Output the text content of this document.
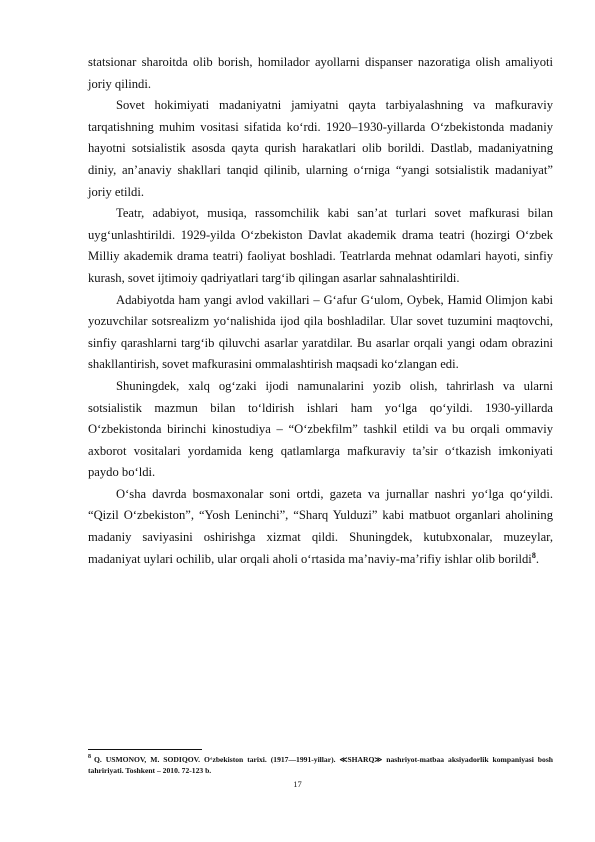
statsionar sharoitda olib borish, homilador ayollarni dispanser nazoratiga olish amaliyoti joriy qilindi.

Sovet hokimiyati madaniyatni jamiyatni qayta tarbiyalashning va mafkuraviy tarqatishning muhim vositasi sifatida ko‘rdi. 1920–1930-yillarda O‘zbekistonda madaniy hayotni sotsialistik asosda qayta qurish harakatlari olib borildi. Dastlab, madaniyatning diniy, an’anaviy shakllari tanqid qilinib, ularning o‘rniga “yangi sotsialistik madaniyat” joriy etildi.

Teatr, adabiyot, musiqa, rassomchilik kabi san’at turlari sovet mafkurasi bilan uyg‘unlashtirildi. 1929-yilda O‘zbekiston Davlat akademik drama teatri (hozirgi O‘zbek Milliy akademik drama teatri) faoliyat boshladi. Teatrlarda mehnat odamlari hayoti, sinfiy kurash, sovet ijtimoiy qadriyatlari targ‘ib qilingan asarlar sahnalashtirildi.

Adabiyotda ham yangi avlod vakillari – G‘afur G‘ulom, Oybek, Hamid Olimjon kabi yozuvchilar sotsrealizm yo‘nalishida ijod qila boshladilar. Ular sovet tuzumini maqtovchi, sinfiy qarashlarni targ‘ib qiluvchi asarlar yaratdilar. Bu asarlar orqali yangi odam obrazini shakllantirish, sovet mafkurasini ommalashtirish maqsadi ko‘zlangan edi.

Shuningdek, xalq og‘zaki ijodi namunalarini yozib olish, tahrirlash va ularni sotsialistik mazmun bilan to‘ldirish ishlari ham yo‘lga qo‘yildi. 1930-yillarda O‘zbekistonda birinchi kinostudiya – “O‘zbekfilm” tashkil etildi va bu orqali ommaviy axborot vositalari yordamida keng qatlamlarga mafkuraviy ta’sir o‘tkazish imkoniyati paydo bo‘ldi.

O‘sha davrda bosmaxonalar soni ortdi, gazeta va jurnallar nashri yo‘lga qo‘yildi. “Qizil O‘zbekiston”, “Yosh Leninchi”, “Sharq Yulduzi” kabi matbuot organlari aholining madaniy saviyasini oshirishga xizmat qildi. Shuningdek, kutubxonalar, muzeylar, madaniyat uylari ochilib, ular orqali aholi o‘rtasida ma’naviy-ma’rifiy ishlar olib borildi$^8$.

$^8$ Q. USMONOV, M. SODIQOV. O‘zbekiston tarixi. (1917—1991-yillar). ≪SHARQ≫ nashriyot-matbaa aksiyadorlik kompaniyasi bosh tahririyati. Toshkent – 2010. 72-123 b.
17
